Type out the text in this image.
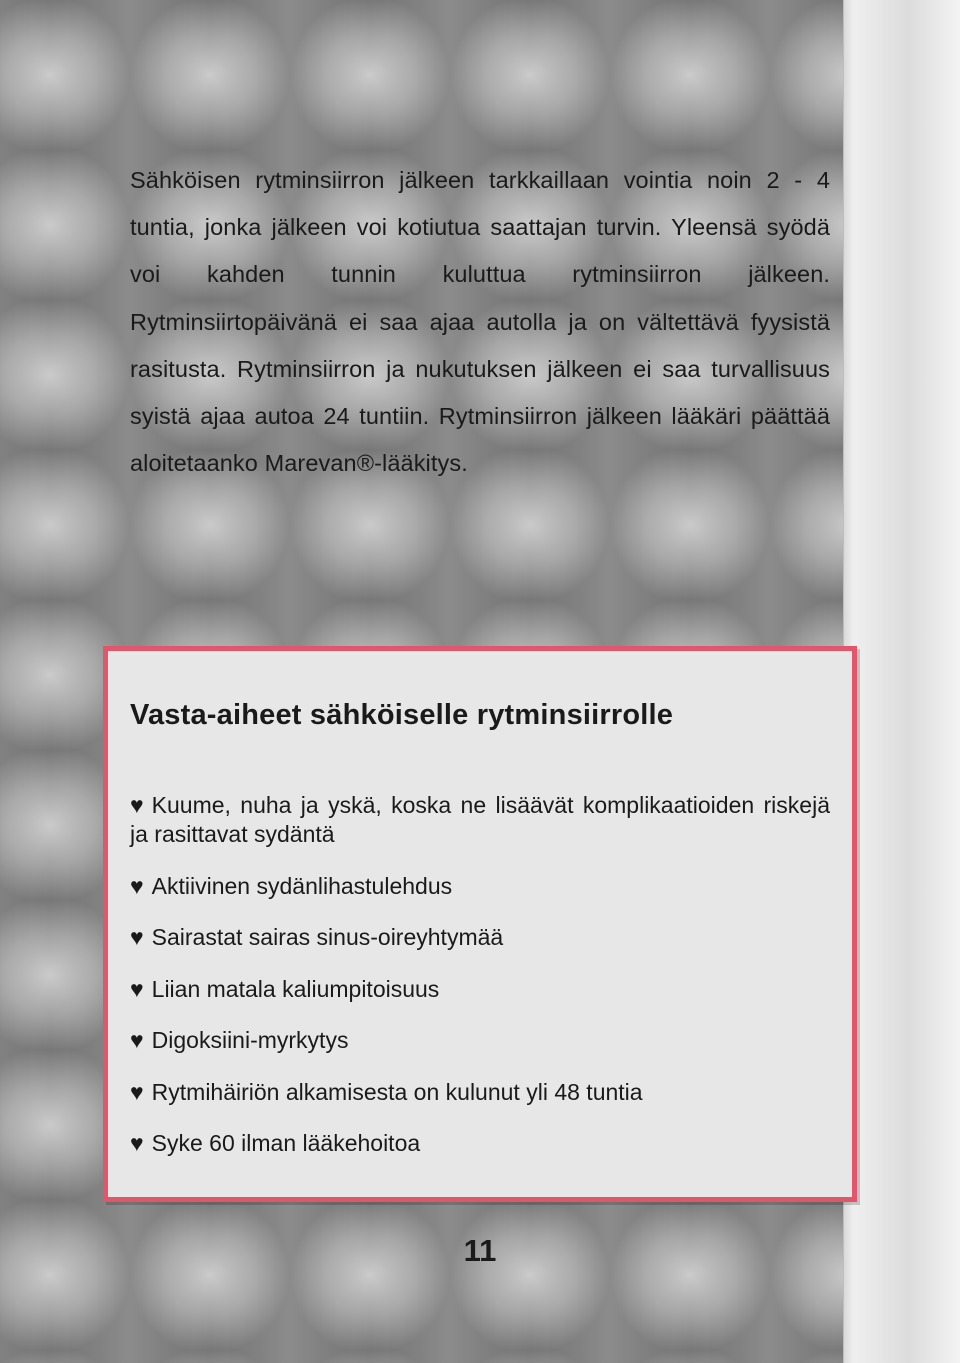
Sähköisen rytminsiirron jälkeen tarkkaillaan vointia noin 2 - 4 tuntia, jonka jälkeen voi kotiutua saattajan turvin. Yleensä syödä voi kahden tunnin kuluttua rytminsiirron jälkeen. Rytminsiirtopäivänä ei saa ajaa autolla ja on vältettävä fyysistä rasitusta. Rytminsiirron ja nukutuksen jälkeen ei saa turvallisuus syistä ajaa autoa 24 tuntiin. Rytminsiirron jälkeen lääkäri päättää aloitetaanko Marevan®-lääkitys.

Vasta-aiheet sähköiselle rytminsiirrolle
♥ Kuume, nuha ja yskä, koska ne lisäävät komplikaatioiden riskejä ja rasittavat sydäntä
♥ Aktiivinen sydänlihastulehdus
♥ Sairastat sairas sinus-oireyhtymää
♥ Liian matala kaliumpitoisuus
♥ Digoksiini-myrkytys
♥ Rytmihäiriön alkamisesta on kulunut yli 48 tuntia
♥ Syke 60 ilman lääkehoitoa
11
